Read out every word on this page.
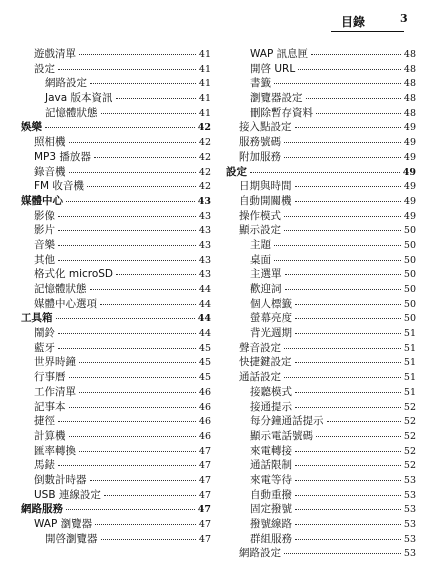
目錄	3
遊戲清單	41
設定	41
網路設定	41
Java 版本資訊	41
記憶體狀態	41
娛樂	42
照相機	42
MP3 播放器	42
錄音機	42
FM 收音機	42
媒體中心	43
影像	43
影片	43
音樂	43
其他	43
格式化 microSD	43
記憶體狀態	44
媒體中心選項	44
工具箱	44
鬧鈴	44
藍牙	45
世界時鐘	45
行事曆	45
工作清單	46
記事本	46
捷徑	46
計算機	46
匯率轉換	47
馬錶	47
倒數計時器	47
USB 連線設定	47
網路服務	47
WAP 瀏覽器	47
開啓瀏覽器	47
WAP 訊息匣	48
開啓 URL	48
書籤	48
瀏覽器設定	48
刪除暫存資料	48
接入點設定	49
服務號碼	49
附加服務	49
設定	49
日期與時間	49
自動開關機	49
操作模式	49
顯示設定	50
主題	50
桌面	50
主選單	50
歡迎詞	50
個人標籤	50
螢幕亮度	50
背光週期	51
聲音設定	51
快捷鍵設定	51
通話設定	51
接聽模式	51
接通提示	52
每分鐘通話提示	52
顯示電話號碼	52
來電轉接	52
通話限制	52
來電等待	53
自動重撥	53
固定撥號	53
撥號線路	53
群組服務	53
網路設定	53
